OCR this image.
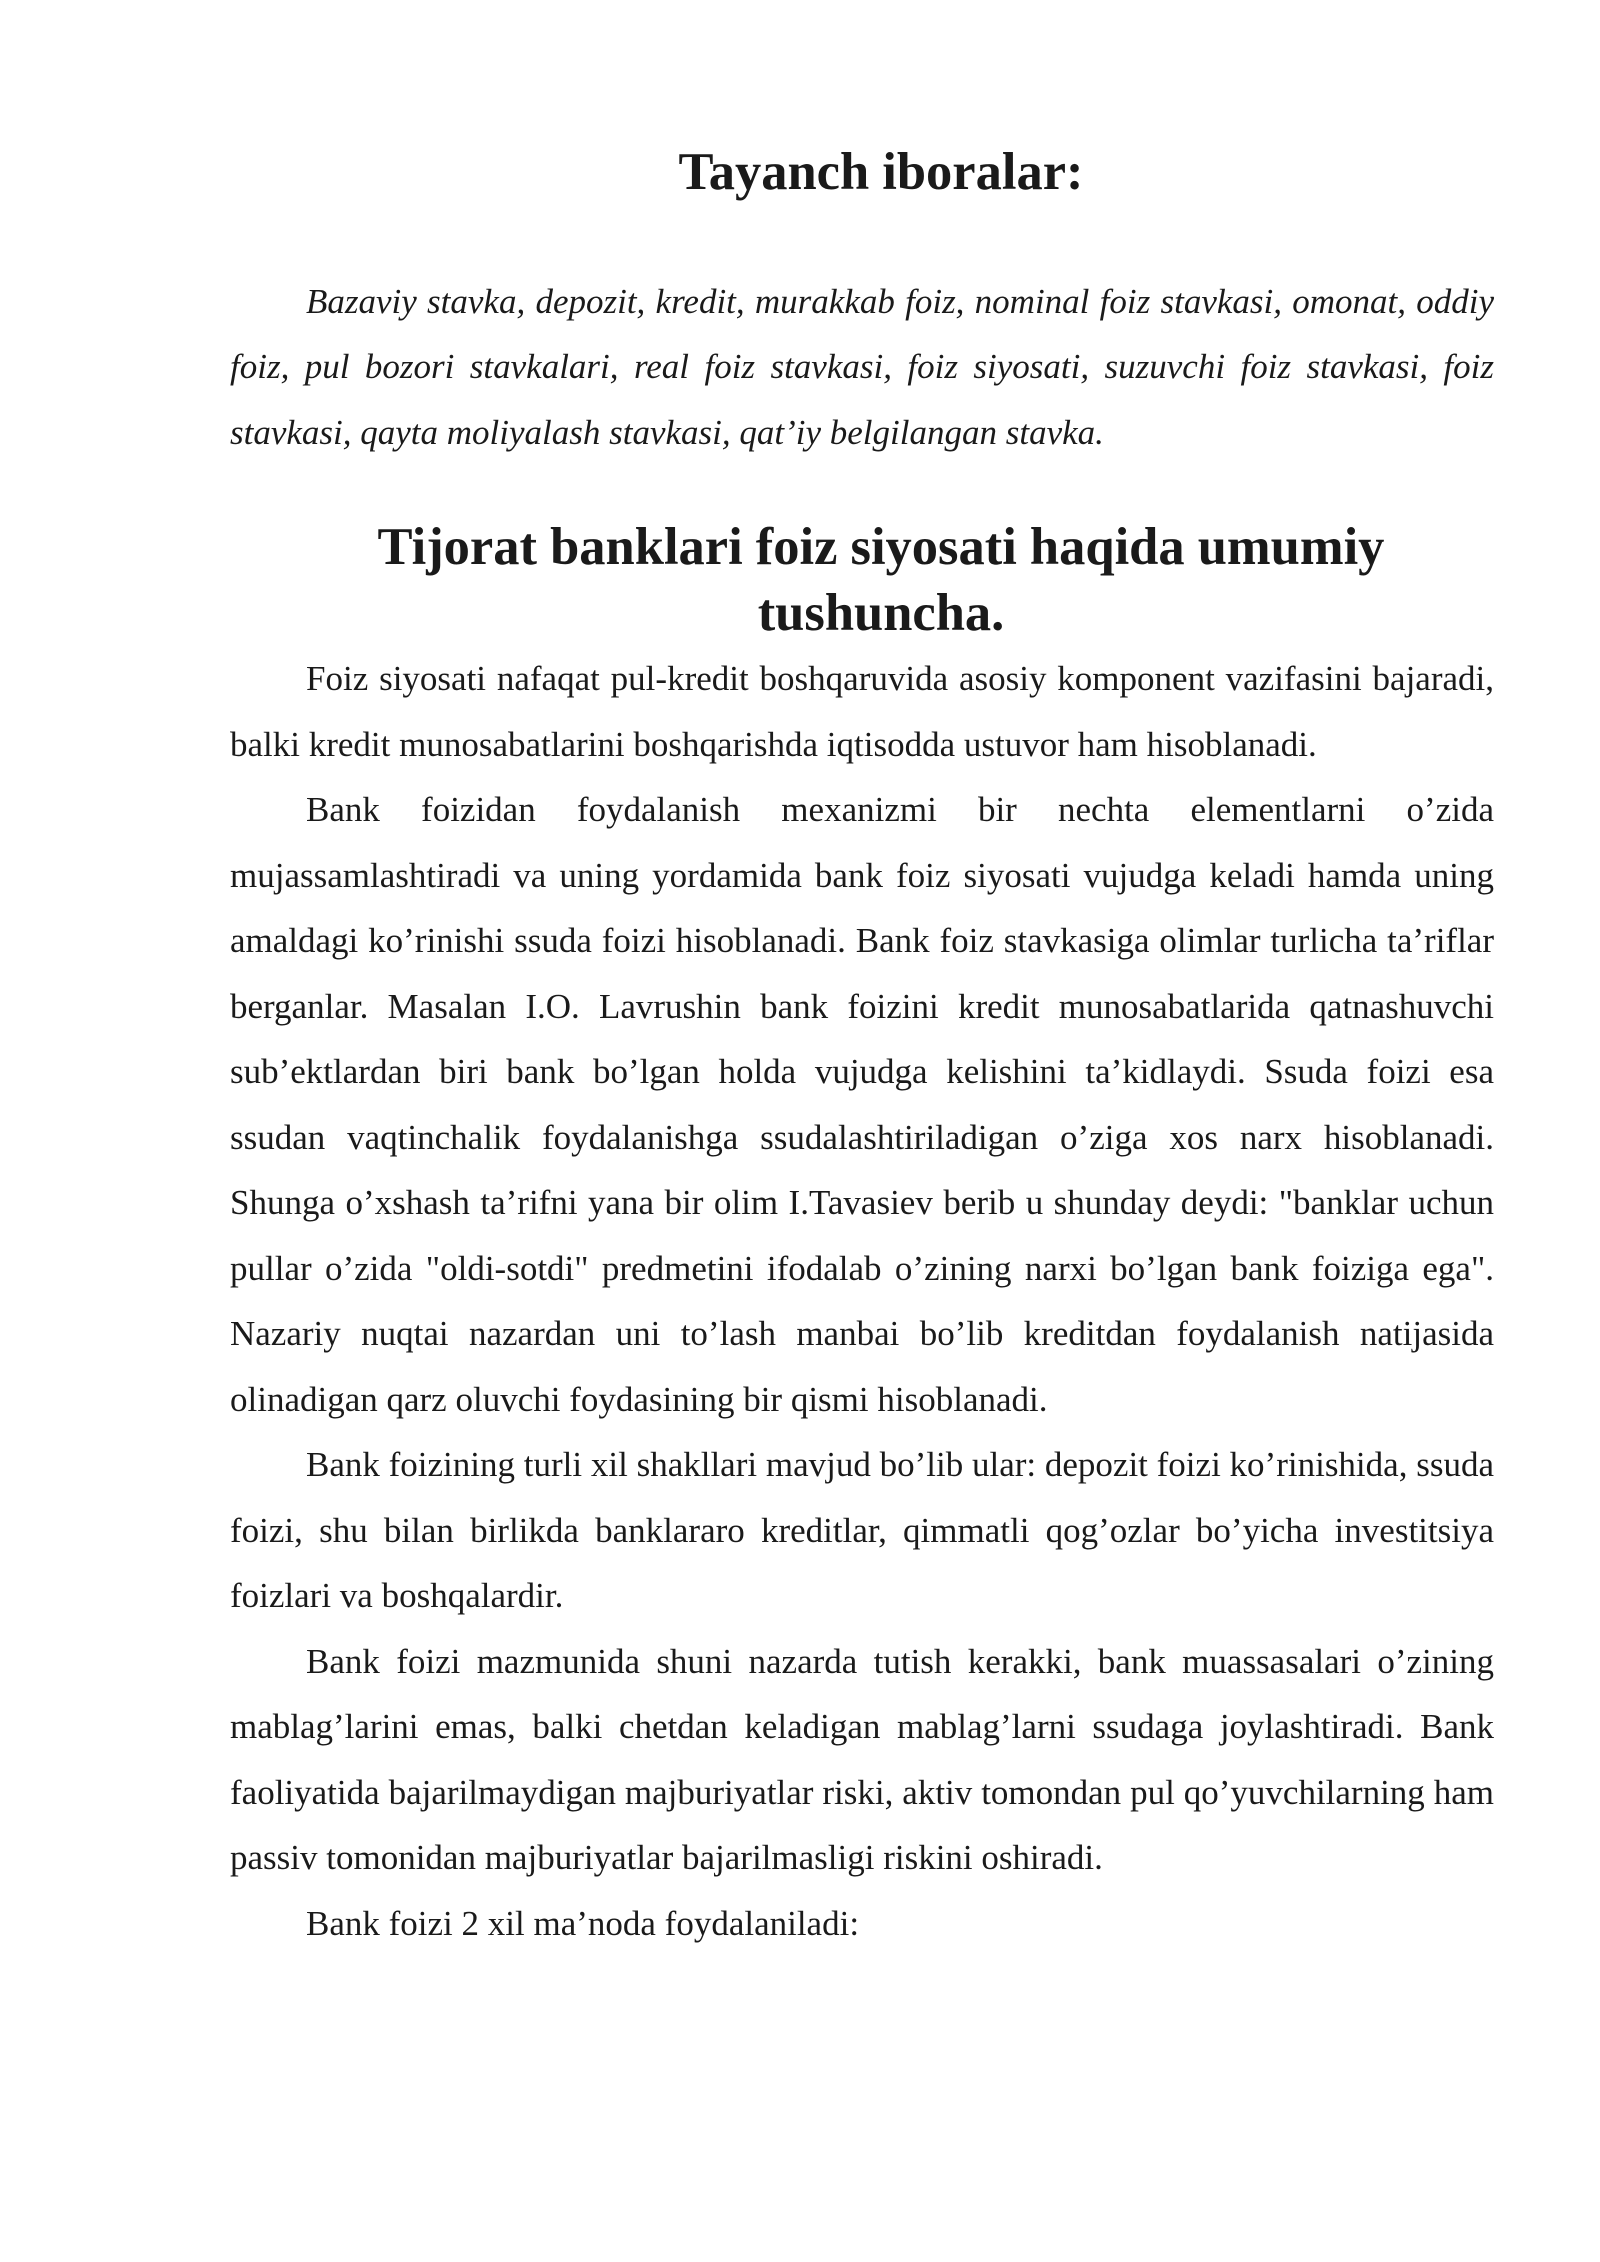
Tayanch iboralar:

Bazaviy stavka, depozit, kredit, murakkab foiz, nominal foiz stavkasi, omonat, oddiy foiz, pul bozori stavkalari, real foiz stavkasi, foiz siyosati, suzuvchi foiz stavkasi, foiz stavkasi, qayta moliyalash stavkasi, qat’iy belgilangan stavka.

Tijorat banklari foiz siyosati haqida umumiy tushuncha.

Foiz siyosati nafaqat pul-kredit boshqaruvida asosiy komponent vazifasini bajaradi, balki kredit munosabatlarini boshqarishda iqtisodda ustuvor ham hisoblanadi.

Bank foizidan foydalanish mexanizmi bir nechta elementlarni o’zida mujassamlashtiradi va uning yordamida bank foiz siyosati vujudga keladi hamda uning amaldagi ko’rinishi ssuda foizi hisoblanadi. Bank foiz stavkasiga olimlar turlicha ta’riflar berganlar. Masalan I.O. Lavrushin bank foizini kredit munosabatlarida qatnashuvchi sub’ektlardan biri bank bo’lgan holda vujudga kelishini ta’kidlaydi. Ssuda foizi esa ssudan vaqtinchalik foydalanishga ssudalashtiriladigan o’ziga xos narx hisoblanadi. Shunga o’xshash ta’rifni yana bir olim I.Tavasiev berib u shunday deydi: "banklar uchun pullar o’zida "oldi-sotdi" predmetini ifodalab o’zining narxi bo’lgan bank foiziga ega". Nazariy nuqtai nazardan uni to’lash manbai bo’lib kreditdan foydalanish natijasida olinadigan qarz oluvchi foydasining bir qismi hisoblanadi.

Bank foizining turli xil shakllari mavjud bo’lib ular: depozit foizi ko’rinishida, ssuda foizi, shu bilan birlikda banklararo kreditlar, qimmatli qog’ozlar bo’yicha investitsiya foizlari va boshqalardir.

Bank foizi mazmunida shuni nazarda tutish kerakki, bank muassasalari o’zining mablag’larini emas, balki chetdan keladigan mablag’larni ssudaga joylashtiradi. Bank faoliyatida bajarilmaydigan majburiyatlar riski, aktiv tomondan pul qo’yuvchilarning ham passiv tomonidan majburiyatlar bajarilmasligi riskini oshiradi.

Bank foizi 2 xil ma’noda foydalaniladi:
